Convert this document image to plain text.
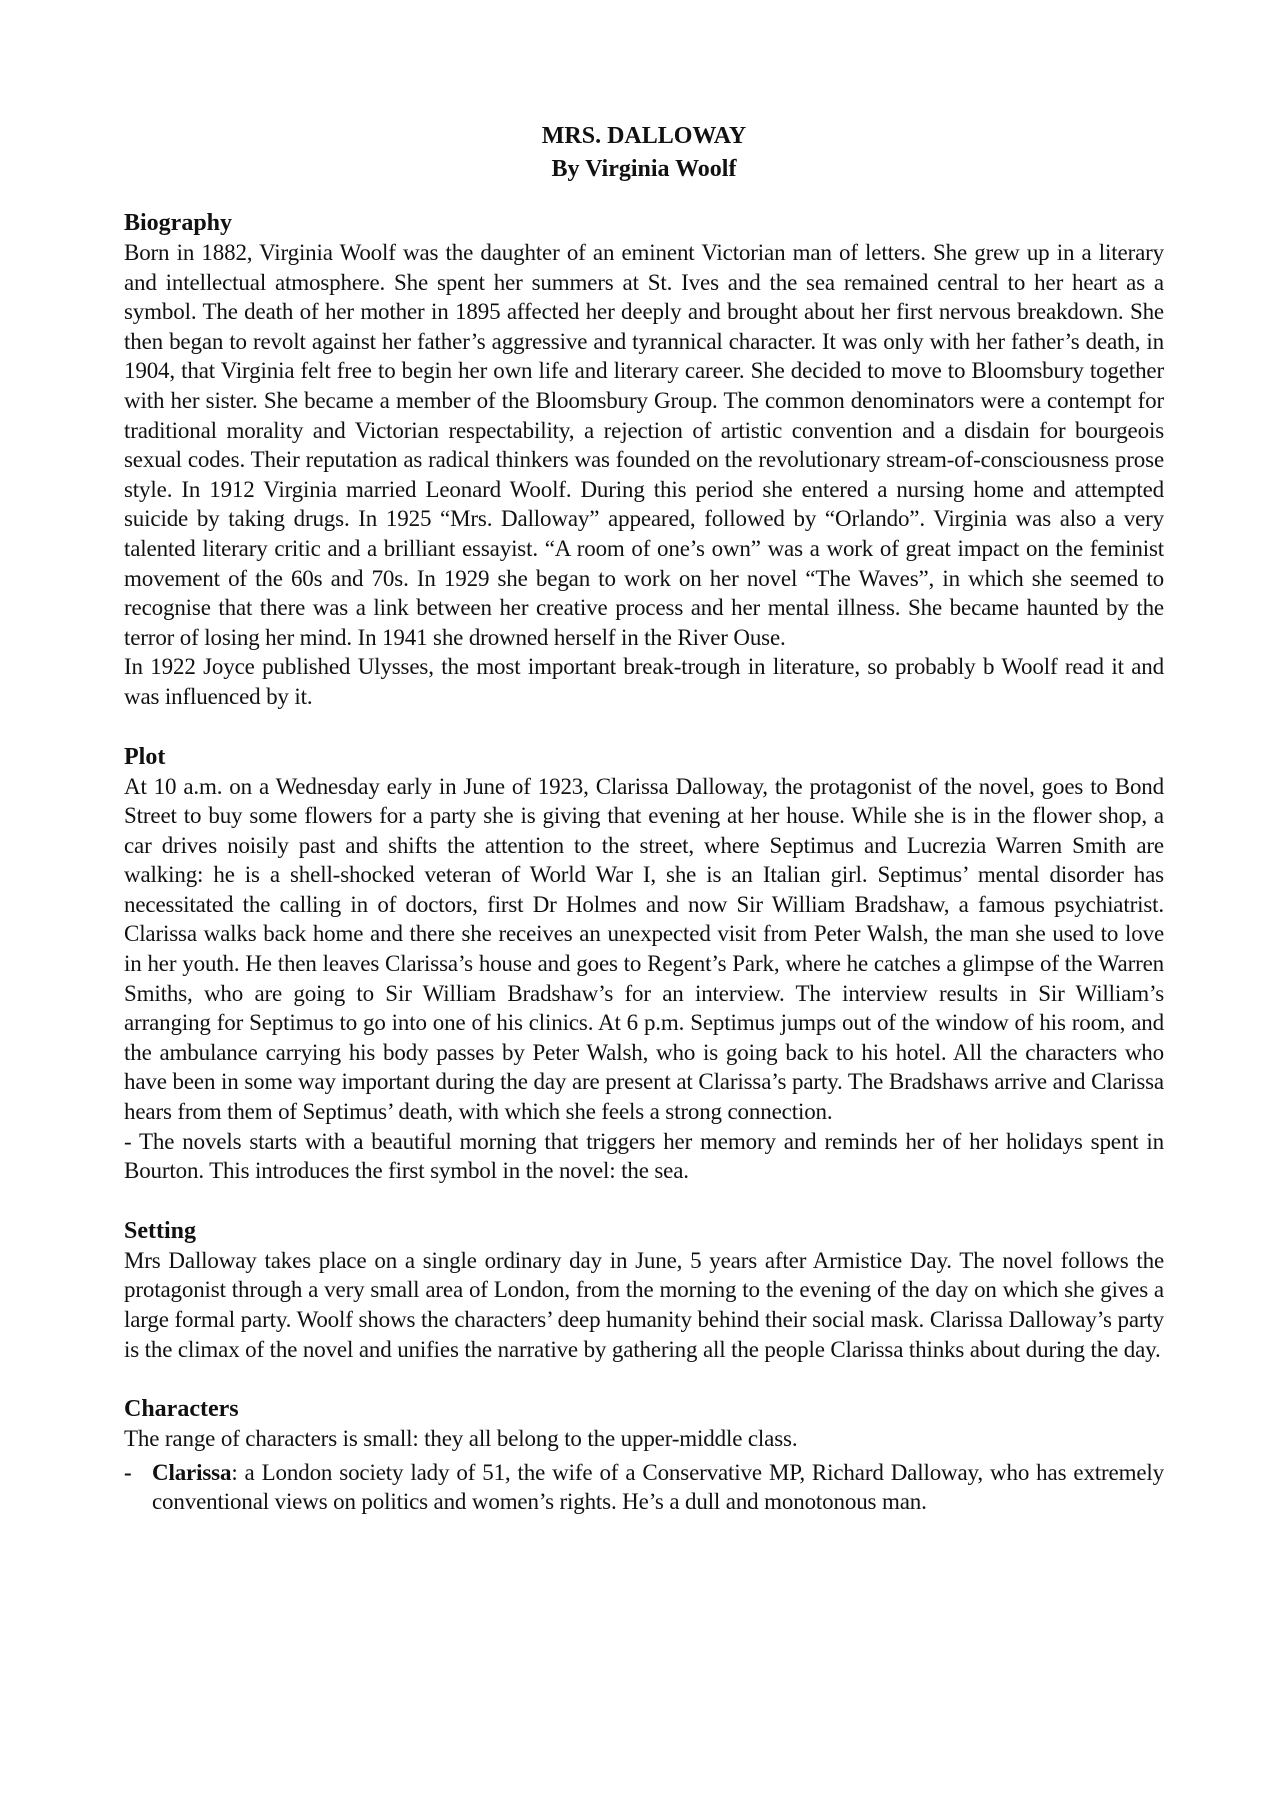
MRS. DALLOWAY
By Virginia Woolf
Biography

Born in 1882, Virginia Woolf was the daughter of an eminent Victorian man of letters. She grew up in a literary and intellectual atmosphere. She spent her summers at St. Ives and the sea remained central to her heart as a symbol. The death of her mother in 1895 affected her deeply and brought about her first nervous breakdown. She then began to revolt against her father’s aggressive and tyrannical character. It was only with her father’s death, in 1904, that Virginia felt free to begin her own life and literary career. She decided to move to Bloomsbury together with her sister. She became a member of the Bloomsbury Group. The common denominators were a contempt for traditional morality and Victorian respectability, a rejection of artistic convention and a disdain for bourgeois sexual codes. Their reputation as radical thinkers was founded on the revolutionary stream-of-consciousness prose style. In 1912 Virginia married Leonard Woolf. During this period she entered a nursing home and attempted suicide by taking drugs. In 1925 “Mrs. Dalloway” appeared, followed by “Orlando”. Virginia was also a very talented literary critic and a brilliant essayist. “A room of one’s own” was a work of great impact on the feminist movement of the 60s and 70s. In 1929 she began to work on her novel “The Waves”, in which she seemed to recognise that there was a link between her creative process and her mental illness. She became haunted by the terror of losing her mind. In 1941 she drowned herself in the River Ouse.

In 1922 Joyce published Ulysses, the most important break-trough in literature, so probably b Woolf read it and was influenced by it.

Plot

At 10 a.m. on a Wednesday early in June of 1923, Clarissa Dalloway, the protagonist of the novel, goes to Bond Street to buy some flowers for a party she is giving that evening at her house. While she is in the flower shop, a car drives noisily past and shifts the attention to the street, where Septimus and Lucrezia Warren Smith are walking: he is a shell-shocked veteran of World War I, she is an Italian girl. Septimus’ mental disorder has necessitated the calling in of doctors, first Dr Holmes and now Sir William Bradshaw, a famous psychiatrist. Clarissa walks back home and there she receives an unexpected visit from Peter Walsh, the man she used to love in her youth. He then leaves Clarissa’s house and goes to Regent’s Park, where he catches a glimpse of the Warren Smiths, who are going to Sir William Bradshaw’s for an interview. The interview results in Sir William’s arranging for Septimus to go into one of his clinics. At 6 p.m. Septimus jumps out of the window of his room, and the ambulance carrying his body passes by Peter Walsh, who is going back to his hotel. All the characters who have been in some way important during the day are present at Clarissa’s party. The Bradshaws arrive and Clarissa hears from them of Septimus’ death, with which she feels a strong connection.

- The novels starts with a beautiful morning that triggers her memory and reminds her of her holidays spent in Bourton. This introduces the first symbol in the novel: the sea.

Setting

Mrs Dalloway takes place on a single ordinary day in June, 5 years after Armistice Day. The novel follows the protagonist through a very small area of London, from the morning to the evening of the day on which she gives a large formal party. Woolf shows the characters’ deep humanity behind their social mask. Clarissa Dalloway’s party is the climax of the novel and unifies the narrative by gathering all the people Clarissa thinks about during the day.

Characters

The range of characters is small: they all belong to the upper-middle class.

- Clarissa: a London society lady of 51, the wife of a Conservative MP, Richard Dalloway, who has extremely conventional views on politics and women’s rights. He’s a dull and monotonous man.
